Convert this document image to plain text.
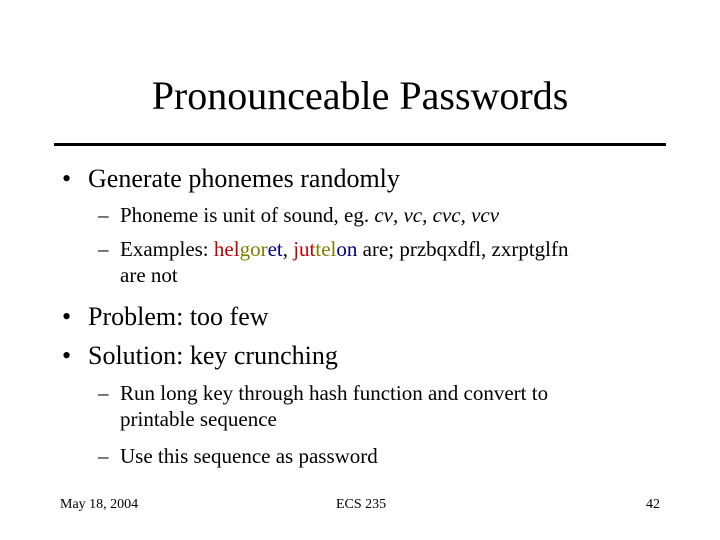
Pronounceable Passwords
• Generate phonemes randomly
– Phoneme is unit of sound, eg. cv, vc, cvc, vcv
– Examples: helgoret, juttelon are; przbqxdfl, zxrptglfn
are not
• Problem: too few
• Solution: key crunching
– Run long key through hash function and convert to
printable sequence
– Use this sequence as password
May 18, 2004	ECS 235	42
